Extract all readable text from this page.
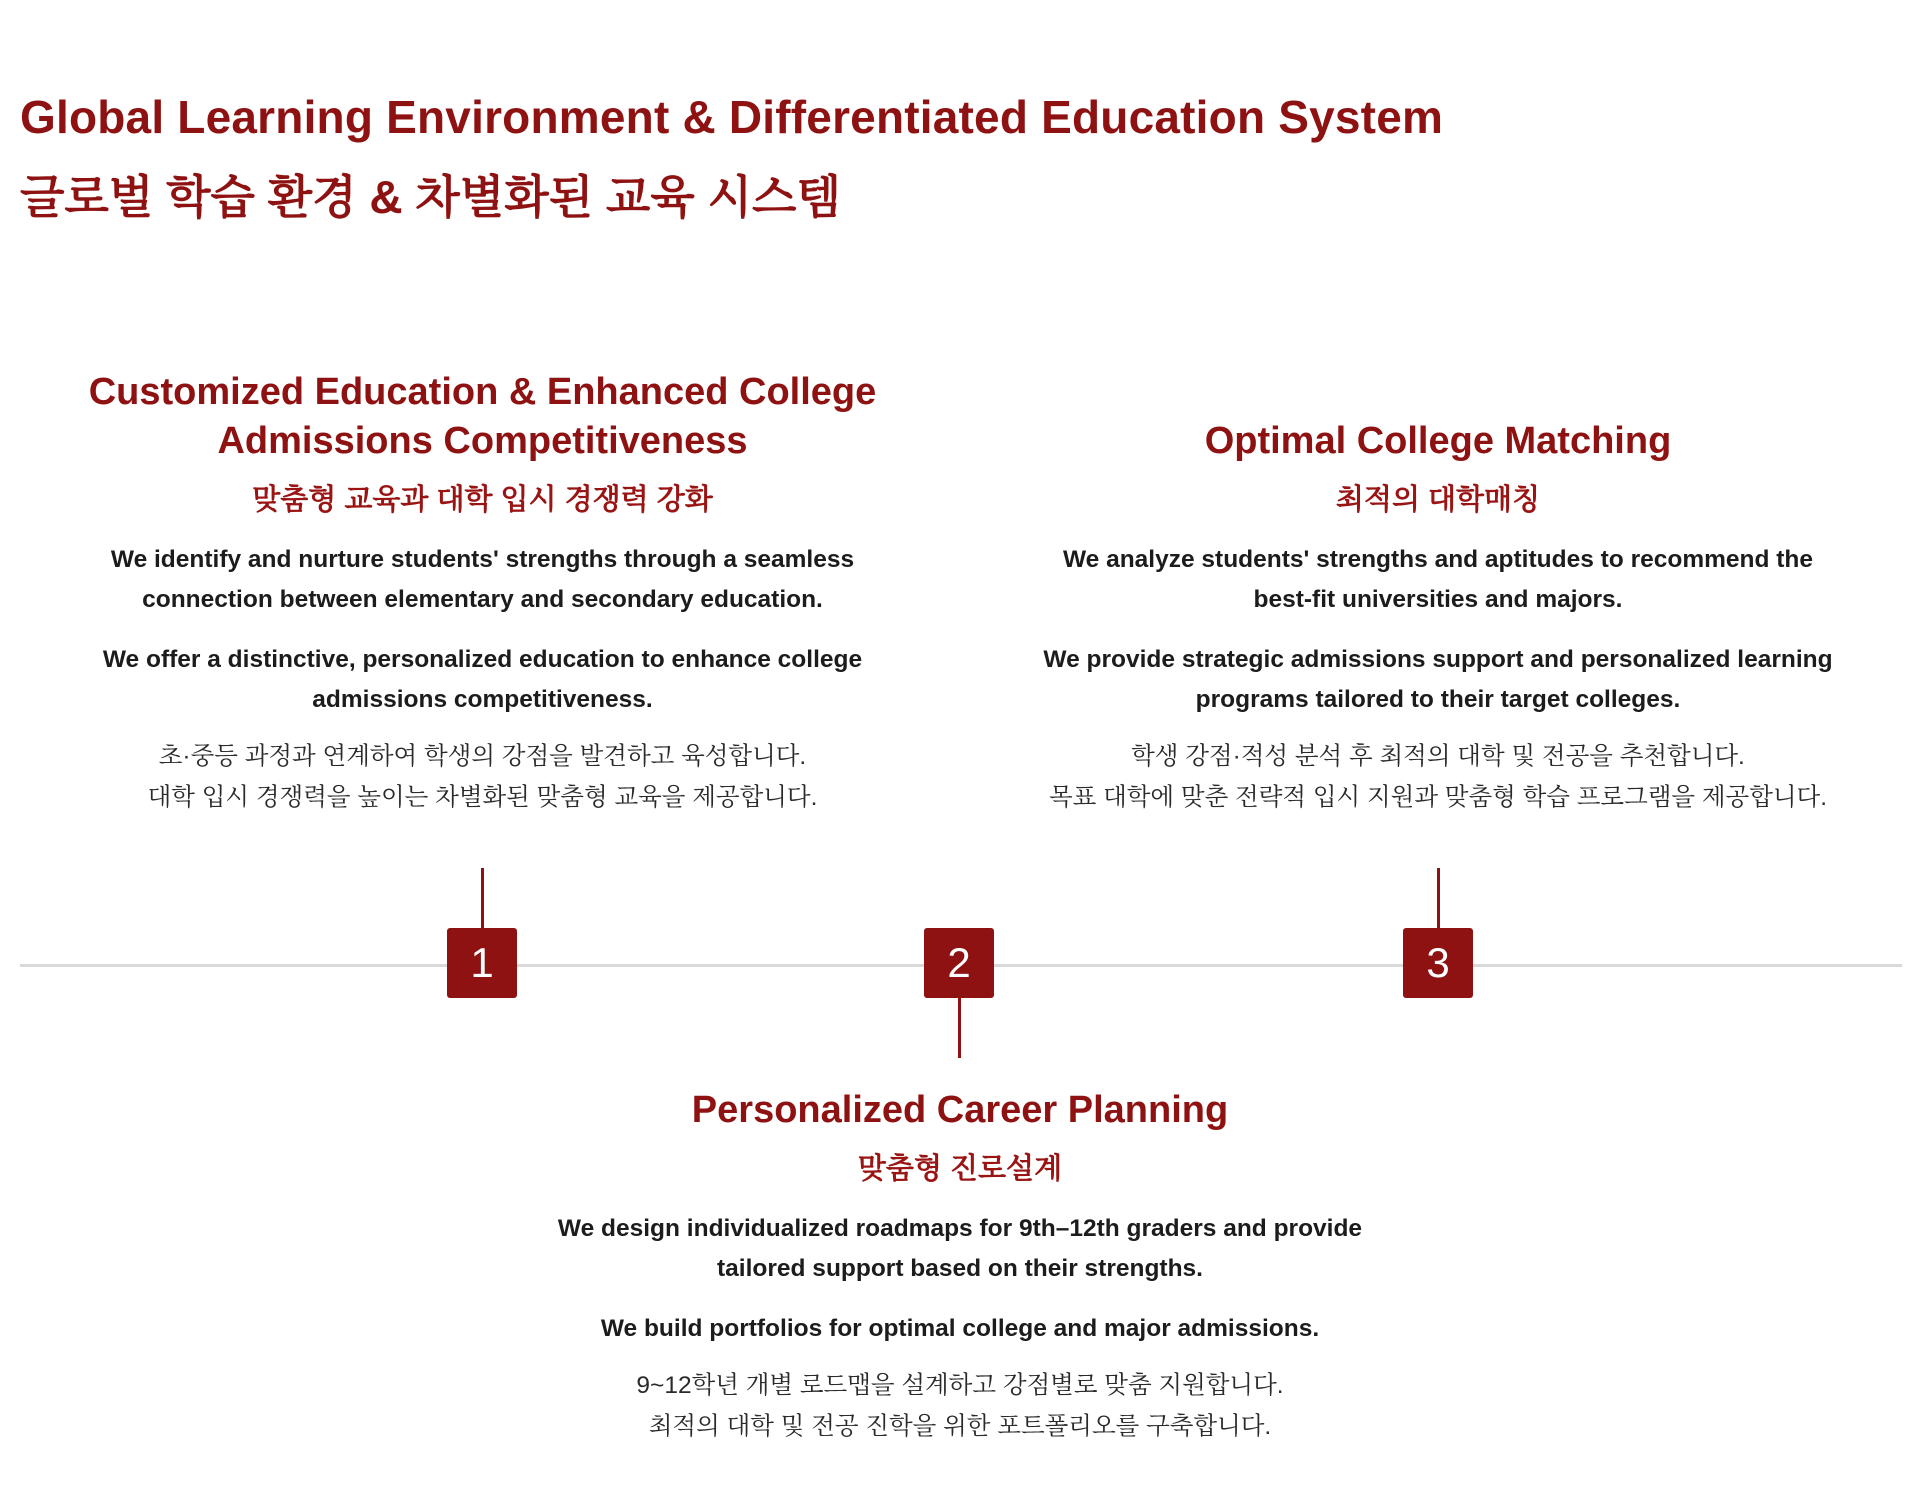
Global Learning Environment & Differentiated Education System
글로벌 학습 환경 & 차별화된 교육 시스템
Customized Education & Enhanced College
Admissions Competitiveness

맞춤형 교육과 대학 입시 경쟁력 강화

We identify and nurture students' strengths through a seamless
connection between elementary and secondary education.

We offer a distinctive, personalized education to enhance college
admissions competitiveness.

초·중등 과정과 연계하여 학생의 강점을 발견하고 육성합니다.
대학 입시 경쟁력을 높이는 차별화된 맞춤형 교육을 제공합니다.

Optimal College Matching

최적의 대학매칭

We analyze students' strengths and aptitudes to recommend the
best-fit universities and majors.

We provide strategic admissions support and personalized learning
programs tailored to their target colleges.

학생 강점·적성 분석 후 최적의 대학 및 전공을 추천합니다.
목표 대학에 맞춘 전략적 입시 지원과 맞춤형 학습 프로그램을 제공합니다.

1	2	3
Personalized Career Planning

맞춤형 진로설계

We design individualized roadmaps for 9th–12th graders and provide
tailored support based on their strengths.

We build portfolios for optimal college and major admissions.

9~12학년 개별 로드맵을 설계하고 강점별로 맞춤 지원합니다.
최적의 대학 및 전공 진학을 위한 포트폴리오를 구축합니다.
